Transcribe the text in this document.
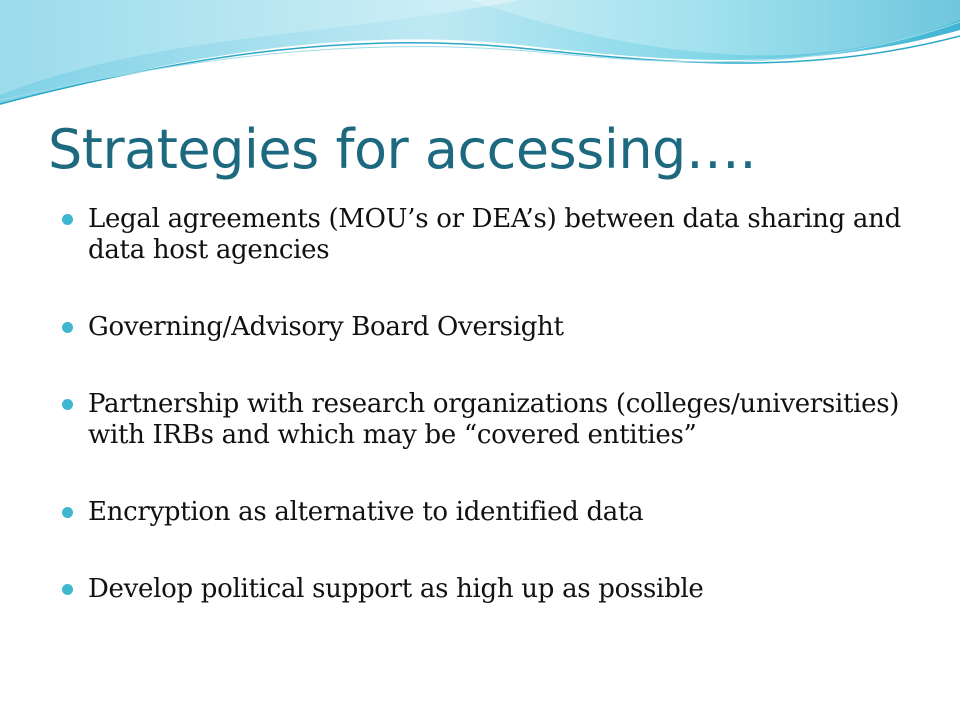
Strategies for accessing….
Legal agreements (MOU’s or DEA’s) between data sharing and data host agencies
Governing/Advisory Board Oversight
Partnership with research organizations (colleges/universities) with IRBs and which may be “covered entities”
Encryption as alternative to identified data
Develop political support as high up as possible
